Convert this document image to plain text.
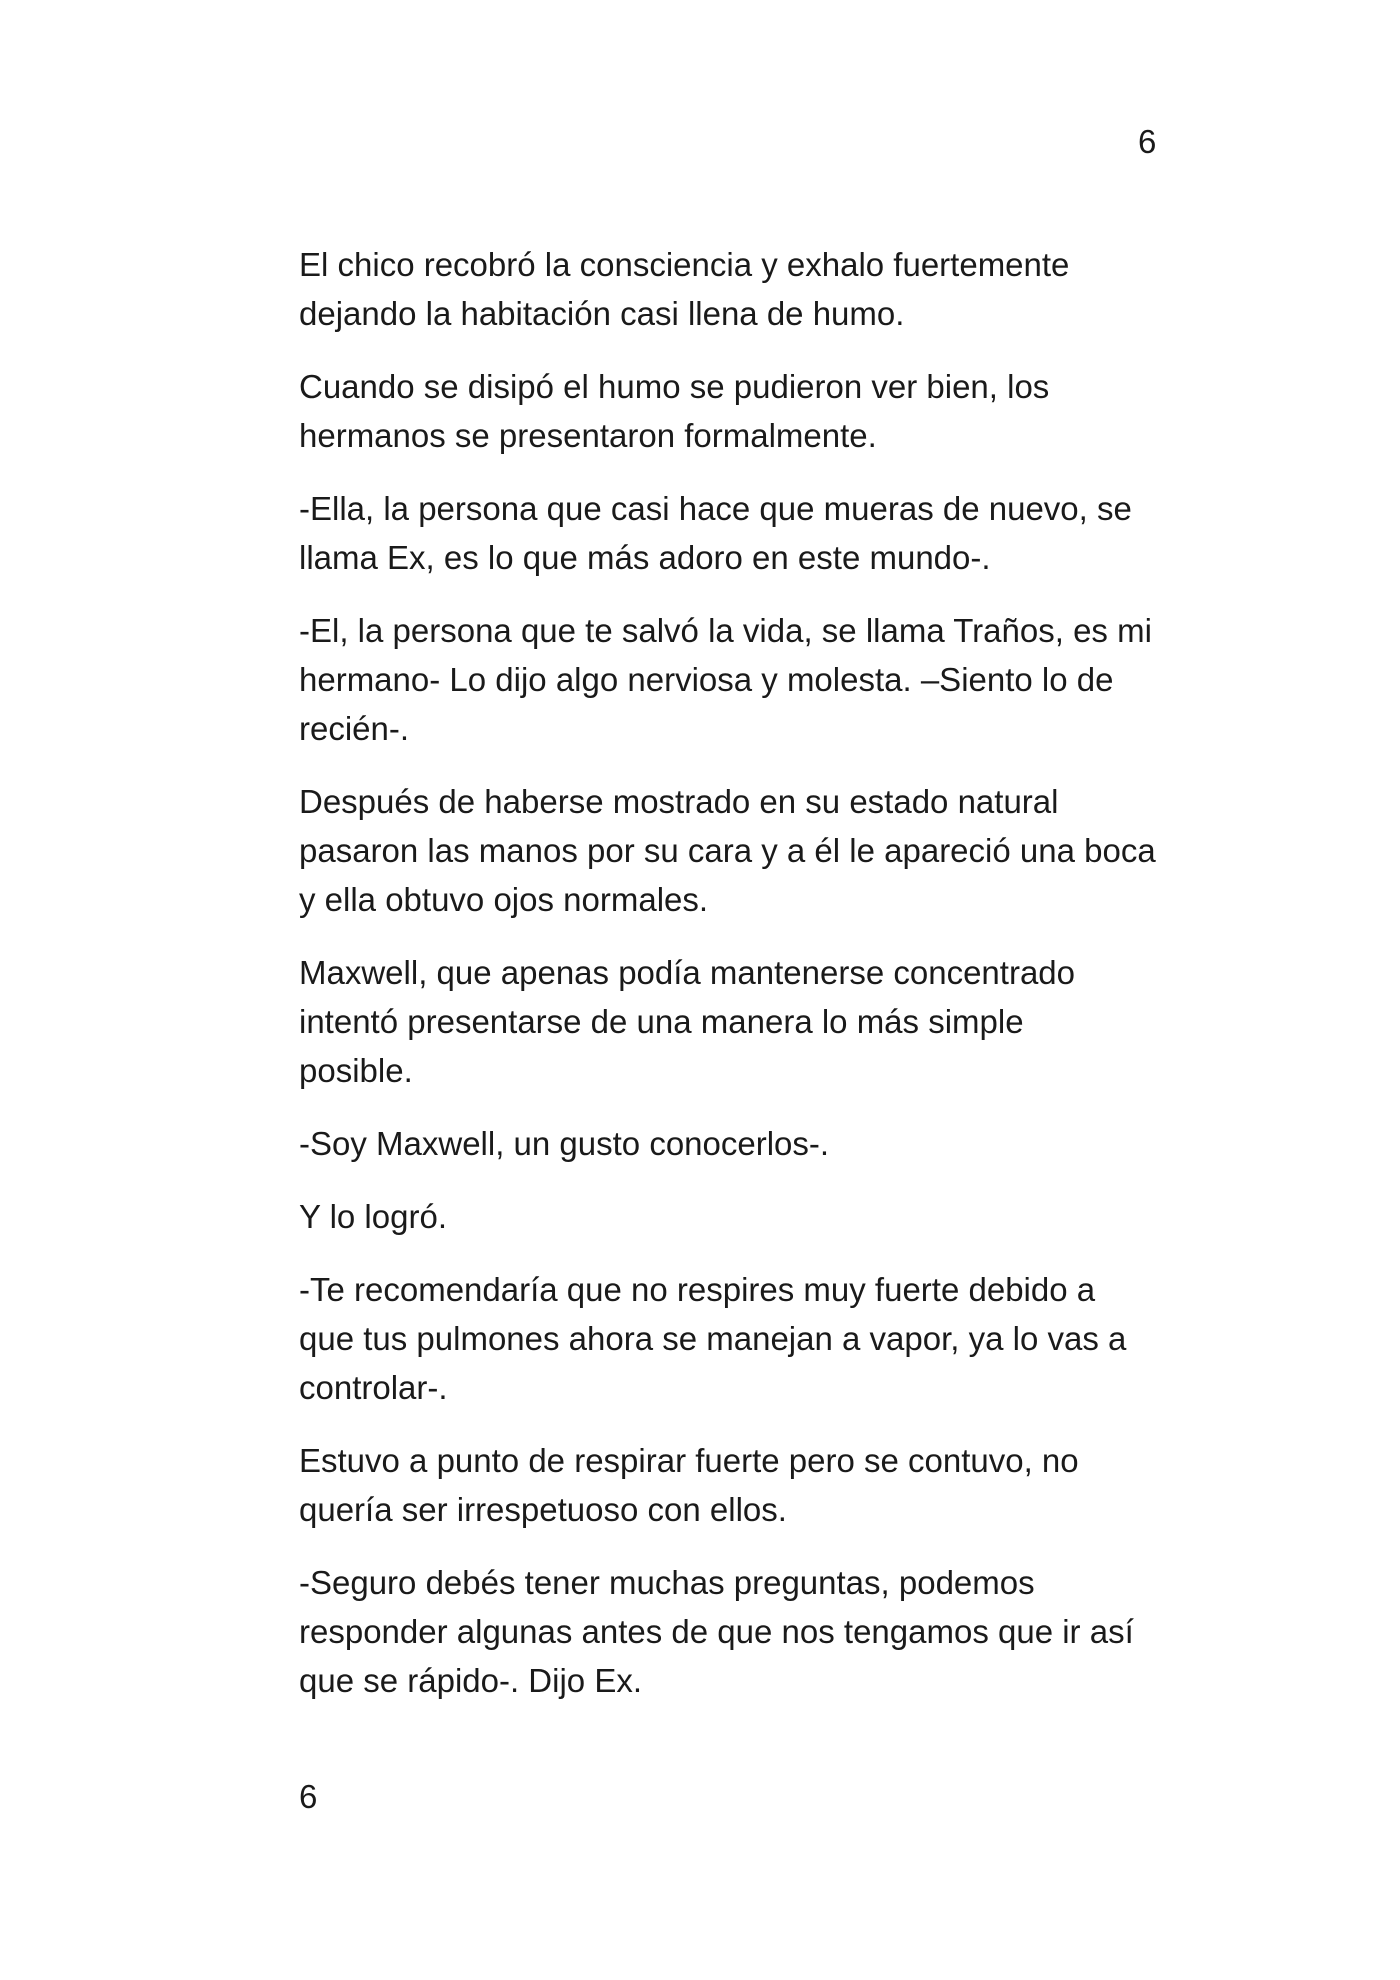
6

El chico recobró la consciencia y exhalo fuertemente
dejando la habitación casi llena de humo.

Cuando se disipó el humo se pudieron ver bien, los
hermanos se presentaron formalmente.

-Ella, la persona que casi hace que mueras de nuevo, se
llama Ex, es lo que más adoro en este mundo-.

-El, la persona que te salvó la vida, se llama Traños, es mi
hermano- Lo dijo algo nerviosa y molesta. –Siento lo de
recién-.

Después de haberse mostrado en su estado natural
pasaron las manos por su cara y a él le apareció una boca
y ella obtuvo ojos normales.

Maxwell, que apenas podía mantenerse concentrado
intentó presentarse de una manera lo más simple
posible.

-Soy Maxwell, un gusto conocerlos-.

Y lo logró.

-Te recomendaría que no respires muy fuerte debido a
que tus pulmones ahora se manejan a vapor, ya lo vas a
controlar-.

Estuvo a punto de respirar fuerte pero se contuvo, no
quería ser irrespetuoso con ellos.

-Seguro debés tener muchas preguntas, podemos
responder algunas antes de que nos tengamos que ir así
que se rápido-. Dijo Ex.

6
